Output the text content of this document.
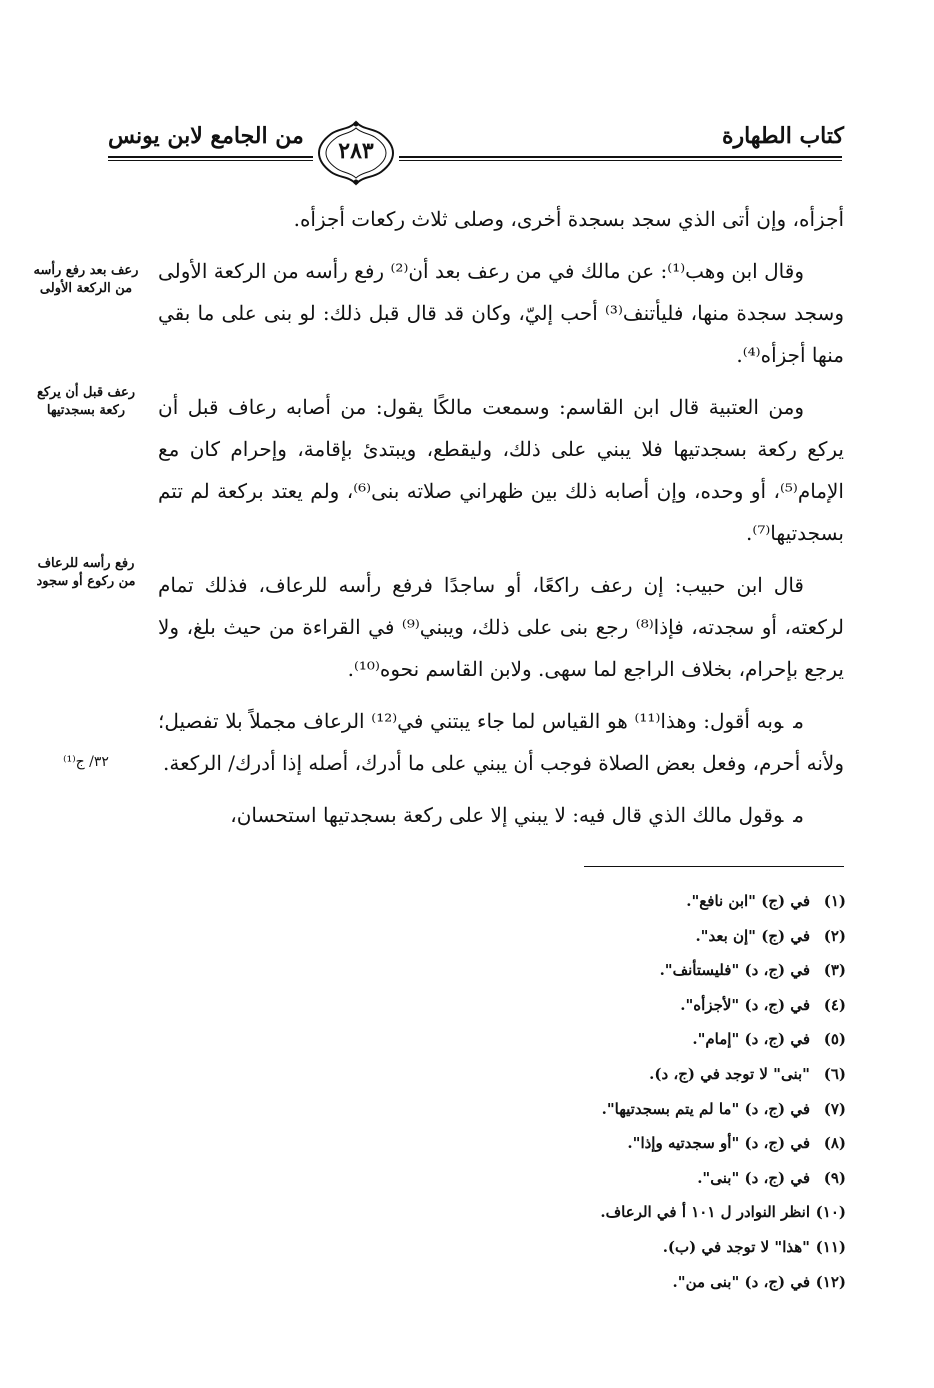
كتاب الطهارة
من الجامع لابن يونس
٢٨٣

أجزأه، وإن أتى الذي سجد بسجدة أخرى، وصلى ثلاث ركعات أجزأه.

وقال ابن وهب⁽¹⁾: عن مالك في من رعف بعد أن⁽²⁾ رفع رأسه من الركعة الأولى وسجد سجدة منها، فليأتنف⁽³⁾ أحب إليّ، وكان قد قال قبل ذلك: لو بنى على ما بقي منها أجزأه⁽⁴⁾.

ومن العتبية قال ابن القاسم: وسمعت مالكًا يقول: من أصابه رعاف قبل أن يركع ركعة بسجدتيها فلا يبني على ذلك، وليقطع، ويبتدئ بإقامة، وإحرام كان مع الإمام⁽⁵⁾، أو وحده، وإن أصابه ذلك بين ظهراني صلاته بنى⁽⁶⁾، ولم يعتد بركعة لم تتم بسجدتيها⁽⁷⁾.

قال ابن حبيب: إن رعف راكعًا، أو ساجدًا فرفع رأسه للرعاف، فذلك تمام لركعته، أو سجدته، فإذا⁽⁸⁾ رجع بنى على ذلك، ويبني⁽⁹⁾ في القراءة من حيث بلغ، ولا يرجع بإحرام، بخلاف الراجع لما سهى. ولابن القاسم نحوه⁽¹⁰⁾.

موبه أقول: وهذا⁽¹¹⁾ هو القياس لما جاء يبتني في⁽¹²⁾ الرعاف مجملاً بلا تفصيل؛ ولأنه أحرم، وفعل بعض الصلاة فوجب أن يبني على ما أدرك، أصله إذا أدرك/ الركعة.

موقول مالك الذي قال فيه: لا يبني إلا على ركعة بسجدتيها استحسان،

رعف بعد رفع رأسه من الركعة الأولى
رعف قبل أن يركع ركعة بسجدتيها
رفع رأسه للرعاف من ركوع أو سجود
٣٢/ ج⁽¹⁾
(١)في (ج) "ابن نافع".
(٢)في (ج) "إن بعد".
(٣)في (ج، د) "فليستأنف".
(٤)في (ج، د) "لأجزأه".
(٥)في (ج، د) "إمام".
(٦)"بنى" لا توجد في (ج، د).
(٧)في (ج، د) "ما لم يتم بسجدتيها".
(٨)في (ج، د) "أو سجدتيه وإذا".
(٩)في (ج، د) "بنى".
(١٠)انظر النوادر ل ١٠١ أ في الرعاف.
(١١)"هذا" لا توجد في (ب).
(١٢)في (ج، د) "بنى من".
